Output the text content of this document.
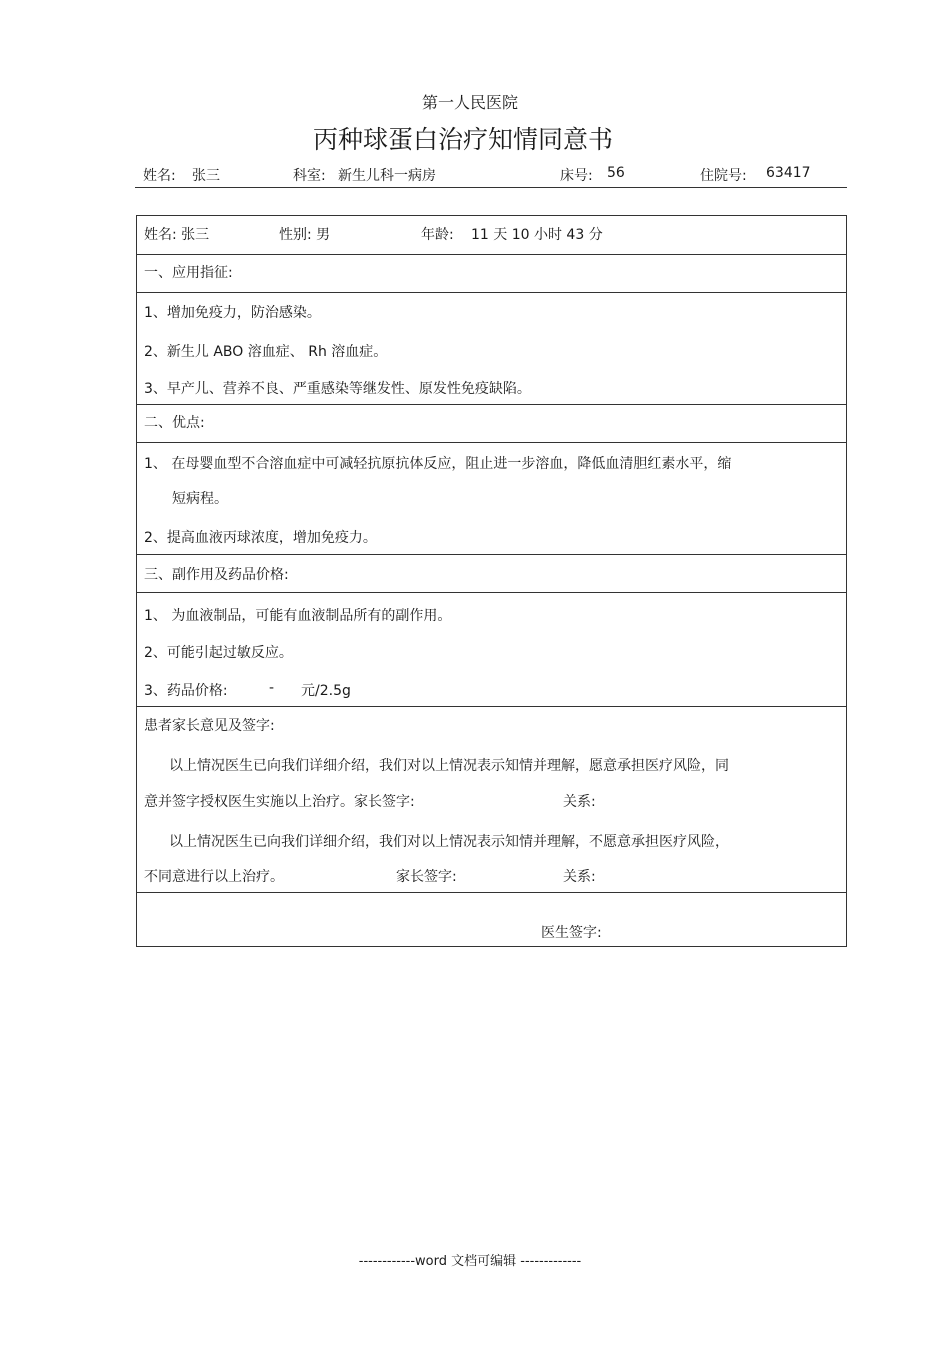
第一人民医院
丙种球蛋白治疗知情同意书
姓名: 张三	科室: 新生儿科一病房	床号: 56	住院号: 63417
姓名: 张三	性别: 男	年龄: 11 天 10 小时 43 分
一、应用指征:
1、增加免疫力，防治感染。
2、新生儿 ABO 溶血症、 Rh 溶血症。
3、早产儿、营养不良、严重感染等继发性、原发性免疫缺陷。
二、优点:
1、 在母婴血型不合溶血症中可减轻抗原抗体反应，阻止进一步溶血，降低血清胆红素水平，缩
短病程。
2、提高血液丙球浓度，增加免疫力。
三、副作用及药品价格:
1、 为血液制品，可能有血液制品所有的副作用。
2、可能引起过敏反应。
3、药品价格:	- 元/2.5g
患者家长意见及签字:
以上情况医生已向我们详细介绍，我们对以上情况表示知情并理解，愿意承担医疗风险，同
意并签字授权医生实施以上治疗。家长签字:	关系:
以上情况医生已向我们详细介绍，我们对以上情况表示知情并理解，不愿意承担医疗风险，
不同意进行以上治疗。	家长签字:	关系:
医生签字:
------------word 文档可编辑 -------------
